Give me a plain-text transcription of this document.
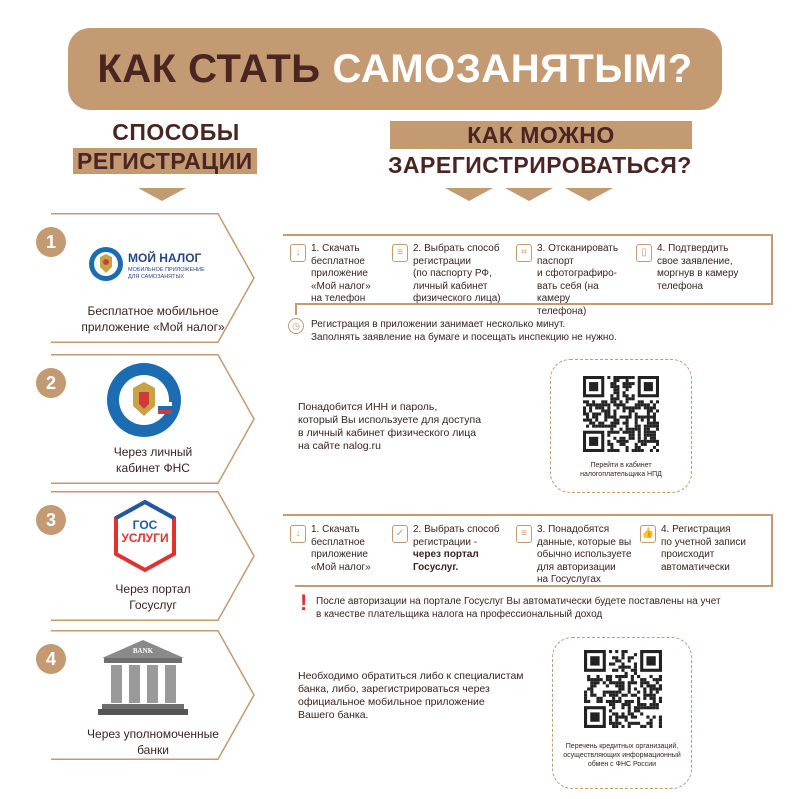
КАК СТАТЬ САМОЗАНЯТЫМ?
СПОСОБЫ
РЕГИСТРАЦИИ
КАК МОЖНО
ЗАРЕГИСТРИРОВАТЬСЯ?
1
МОЙ НАЛОГ
МОБИЛЬНОЕ ПРИЛОЖЕНИЕ
ДЛЯ САМОЗАНЯТЫХ
Бесплатное мобильное
приложение «Мой налог»
↓	1. Скачать
бесплатное
приложение
«Мой налог»
на телефон
≡	2. Выбрать способ
регистрации
(по паспорту РФ,
личный кабинет
физического лица)
⌗	3. Отсканировать
паспорт
и сфотографиро-
вать себя (на камеру
телефона)
▯	4. Подтвердить
свое заявление,
моргнув в камеру
телефона
◷	Регистрация в приложении занимает несколько минут.
Заполнять заявление на бумаге и посещать инспекцию не нужно.
2
Через личный
кабинет ФНС
Понадобится ИНН и пароль,
который Вы используете для доступа
в личный кабинет физического лица
на сайте nalog.ru
Перейти в кабинет
налогоплательщика НПД
3	ГОС
УСЛУГИ
Через портал
Госуслуг
↓	1. Скачать
бесплатное
приложение
«Мой налог»
✓ 2. Выбрать способ
регистрации -
через портал
Госуслуг.
≡	3. Понадобятся
данные, которые вы
обычно используете
для авторизации
на Госуслугах
👍 4. Регистрация
по учетной записи
происходит
автоматически
! После авторизации на портале Госуслуг Вы автоматически будете поставлены на учет
в качестве плательщика налога на профессиональный доход
4	BANK
Через уполномоченные
банки
Необходимо обратиться либо к специалистам
банка, либо, зарегистрироваться через
официальное мобильное приложение
Вашего банка.
Перечень кредитных организаций,
осуществляющих информационный
обмен с ФНС России
